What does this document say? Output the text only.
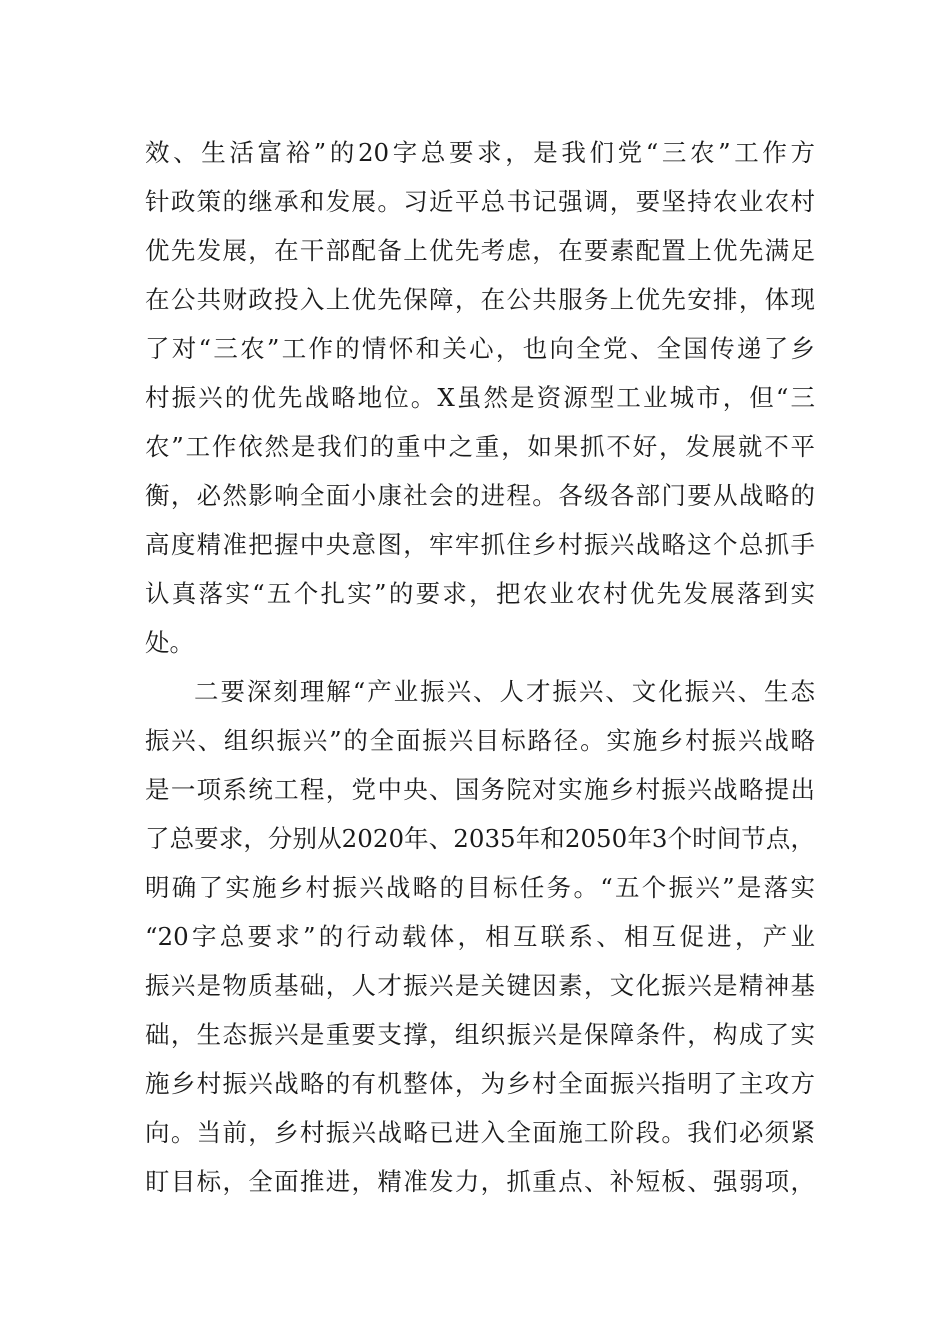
效、生活富裕”的20字总要求，是我们党“三农”工作方
针政策的继承和发展。习近平总书记强调，要坚持农业农村
优先发展，在干部配备上优先考虑，在要素配置上优先满足
在公共财政投入上优先保障，在公共服务上优先安排，体现
了对“三农”工作的情怀和关心，也向全党、全国传递了乡
村振兴的优先战略地位。X虽然是资源型工业城市，但“三
农”工作依然是我们的重中之重，如果抓不好，发展就不平
衡，必然影响全面小康社会的进程。各级各部门要从战略的
高度精准把握中央意图，牢牢抓住乡村振兴战略这个总抓手
认真落实“五个扎实”的要求，把农业农村优先发展落到实
处。
二要深刻理解“产业振兴、人才振兴、文化振兴、生态
振兴、组织振兴”的全面振兴目标路径。实施乡村振兴战略
是一项系统工程，党中央、国务院对实施乡村振兴战略提出
了总要求，分别从2020年、2035年和2050年3个时间节点，
明确了实施乡村振兴战略的目标任务。“五个振兴”是落实
“20字总要求”的行动载体，相互联系、相互促进，产业
振兴是物质基础，人才振兴是关键因素，文化振兴是精神基
础，生态振兴是重要支撑，组织振兴是保障条件，构成了实
施乡村振兴战略的有机整体，为乡村全面振兴指明了主攻方
向。当前，乡村振兴战略已进入全面施工阶段。我们必须紧
盯目标，全面推进，精准发力，抓重点、补短板、强弱项，
